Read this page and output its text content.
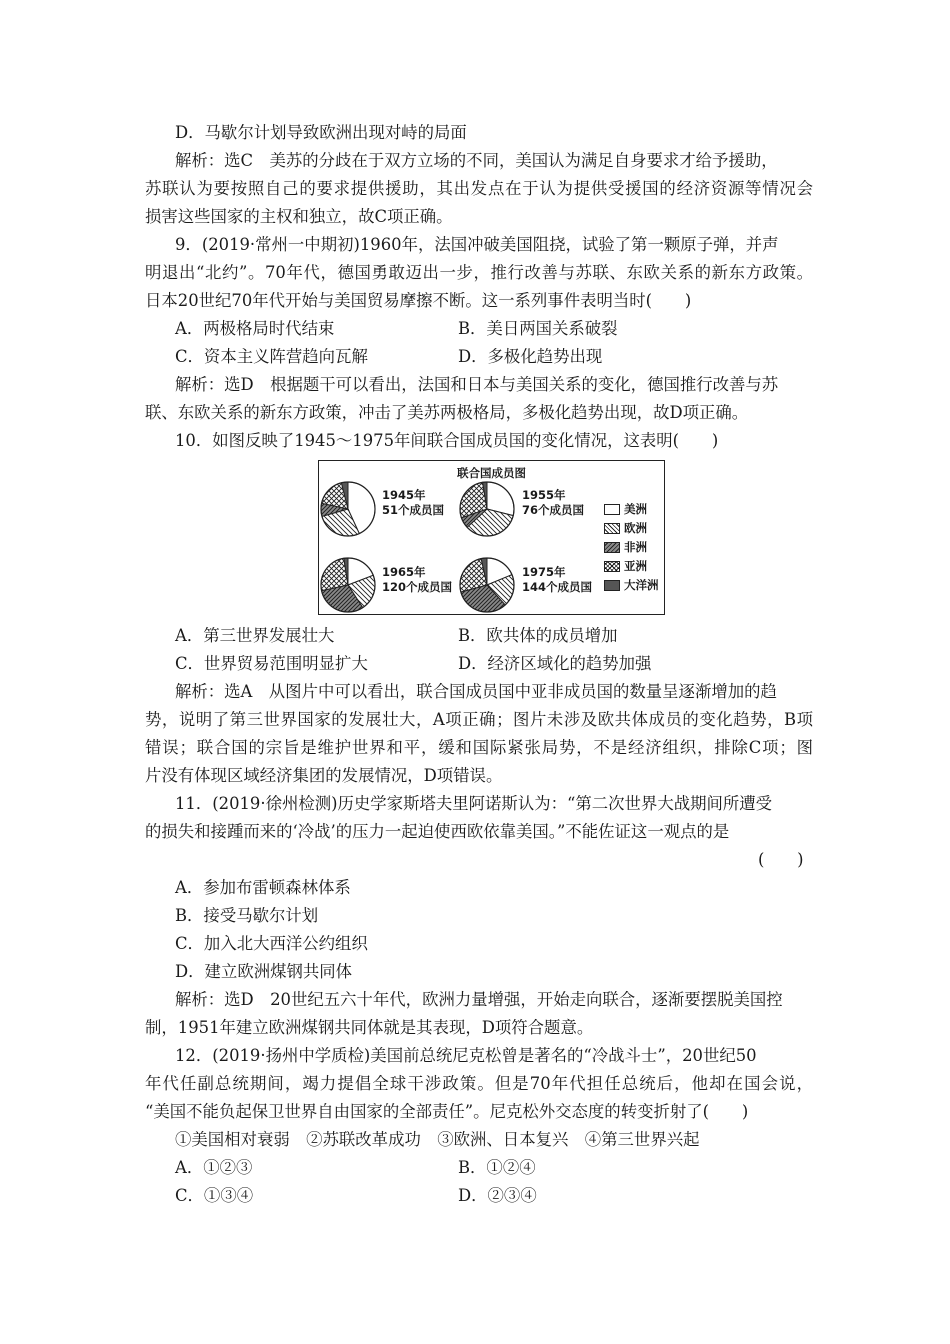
D．马歇尔计划导致欧洲出现对峙的局面
解析：选C　美苏的分歧在于双方立场的不同，美国认为满足自身要求才给予援助，
苏联认为要按照自己的要求提供援助，其出发点在于认为提供受援国的经济资源等情况会
损害这些国家的主权和独立，故C项正确。
9．(2019·常州一中期初)1960年，法国冲破美国阻挠，试验了第一颗原子弹，并声
明退出“北约”。70年代，德国勇敢迈出一步，推行改善与苏联、东欧关系的新东方政策。
日本20世纪70年代开始与美国贸易摩擦不断。这一系列事件表明当时(　　)
A．两极格局时代结束	B．美日两国关系破裂
C．资本主义阵营趋向瓦解	D．多极化趋势出现
解析：选D　根据题干可以看出，法国和日本与美国关系的变化，德国推行改善与苏
联、东欧关系的新东方政策，冲击了美苏两极格局，多极化趋势出现，故D项正确。
10．如图反映了1945～1975年间联合国成员国的变化情况，这表明(　　)
联合国成员图
1945年
51个成员国
1955年
76个成员国
1965年
120个成员国
1975年
144个成员国
美洲
欧洲
非洲
亚洲
大洋洲
A．第三世界发展壮大	B．欧共体的成员增加
C．世界贸易范围明显扩大	D．经济区域化的趋势加强
解析：选A　从图片中可以看出，联合国成员国中亚非成员国的数量呈逐渐增加的趋
势，说明了第三世界国家的发展壮大，A项正确；图片未涉及欧共体成员的变化趋势，B项
错误；联合国的宗旨是维护世界和平，缓和国际紧张局势，不是经济组织，排除C项；图
片没有体现区域经济集团的发展情况，D项错误。
11．(2019·徐州检测)历史学家斯塔夫里阿诺斯认为：“第二次世界大战期间所遭受
的损失和接踵而来的‘冷战’的压力一起迫使西欧依靠美国。”不能佐证这一观点的是
(　　)
A．参加布雷顿森林体系
B．接受马歇尔计划
C．加入北大西洋公约组织
D．建立欧洲煤钢共同体
解析：选D　20世纪五六十年代，欧洲力量增强，开始走向联合，逐渐要摆脱美国控
制，1951年建立欧洲煤钢共同体就是其表现，D项符合题意。
12．(2019·扬州中学质检)美国前总统尼克松曾是著名的“冷战斗士”，20世纪50
年代任副总统期间，竭力提倡全球干涉政策。但是70年代担任总统后，他却在国会说，
“美国不能负起保卫世界自由国家的全部责任”。尼克松外交态度的转变折射了(　　)
①美国相对衰弱　②苏联改革成功　③欧洲、日本复兴　④第三世界兴起
A．①②③	B．①②④
C．①③④	D．②③④
